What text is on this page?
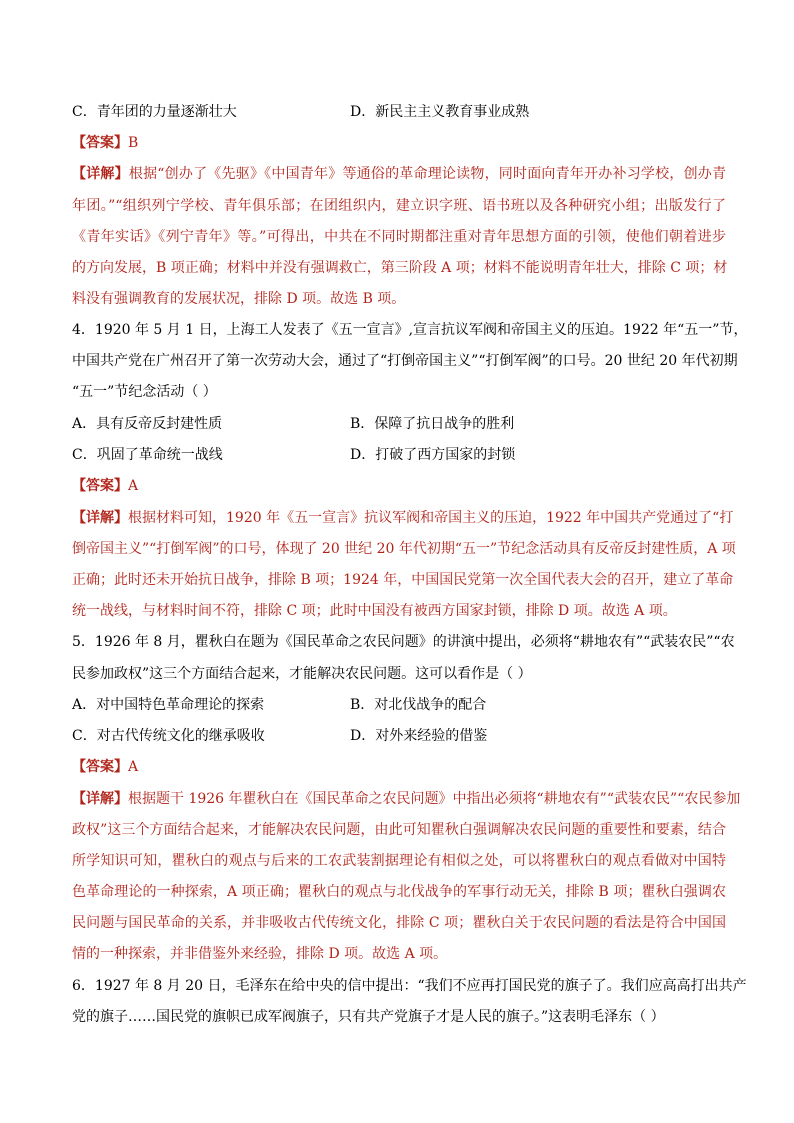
C．青年团的力量逐渐壮大	D．新民主主义教育事业成熟
【答案】B
【详解】根据“创办了《先驱》《中国青年》等通俗的革命理论读物，同时面向青年开办补习学校，创办青
年团。”“组织列宁学校、青年俱乐部；在团组织内，建立识字班、语书班以及各种研究小组；出版发行了
《青年实话》《列宁青年》等。”可得出，中共在不同时期都注重对青年思想方面的引领，使他们朝着进步
的方向发展，B 项正确；材料中并没有强调救亡，第三阶段 A 项；材料不能说明青年壮大，排除 C 项；材
料没有强调教育的发展状况，排除 D 项。故选 B 项。
4．1920 年 5 月 1 日，上海工人发表了《五一宣言》,宣言抗议军阀和帝国主义的压迫。1922 年“五一”节，
中国共产党在广州召开了第一次劳动大会，通过了“打倒帝国主义”“打倒军阀”的口号。20 世纪 20 年代初期
“五一”节纪念活动（ ）
A．具有反帝反封建性质	B．保障了抗日战争的胜利
C．巩固了革命统一战线	D．打破了西方国家的封锁
【答案】A
【详解】根据材料可知，1920 年《五一宣言》抗议军阀和帝国主义的压迫，1922 年中国共产党通过了“打
倒帝国主义”“打倒军阀”的口号，体现了 20 世纪 20 年代初期“五一”节纪念活动具有反帝反封建性质，A 项
正确；此时还未开始抗日战争，排除 B 项；1924 年，中国国民党第一次全国代表大会的召开，建立了革命
统一战线，与材料时间不符，排除 C 项；此时中国没有被西方国家封锁，排除 D 项。故选 A 项。
5．1926 年 8 月，瞿秋白在题为《国民革命之农民问题》的讲演中提出，必须将“耕地农有”“武装农民”“农
民参加政权”这三个方面结合起来，才能解决农民问题。这可以看作是（ ）
A．对中国特色革命理论的探索	B．对北伐战争的配合
C．对古代传统文化的继承吸收	D．对外来经验的借鉴
【答案】A
【详解】根据题干 1926 年瞿秋白在《国民革命之农民问题》中指出必须将“耕地农有”“武装农民”“农民参加
政权”这三个方面结合起来，才能解决农民问题，由此可知瞿秋白强调解决农民问题的重要性和要素，结合
所学知识可知，瞿秋白的观点与后来的工农武装割据理论有相似之处，可以将瞿秋白的观点看做对中国特
色革命理论的一种探索，A 项正确；瞿秋白的观点与北伐战争的军事行动无关，排除 B 项；瞿秋白强调农
民问题与国民革命的关系，并非吸收古代传统文化，排除 C 项；瞿秋白关于农民问题的看法是符合中国国
情的一种探索，并非借鉴外来经验，排除 D 项。故选 A 项。
6．1927 年 8 月 20 日，毛泽东在给中央的信中提出：“我们不应再打国民党的旗子了。我们应高高打出共产
党的旗子……国民党的旗帜已成军阀旗子，只有共产党旗子才是人民的旗子。”这表明毛泽东（ ）
